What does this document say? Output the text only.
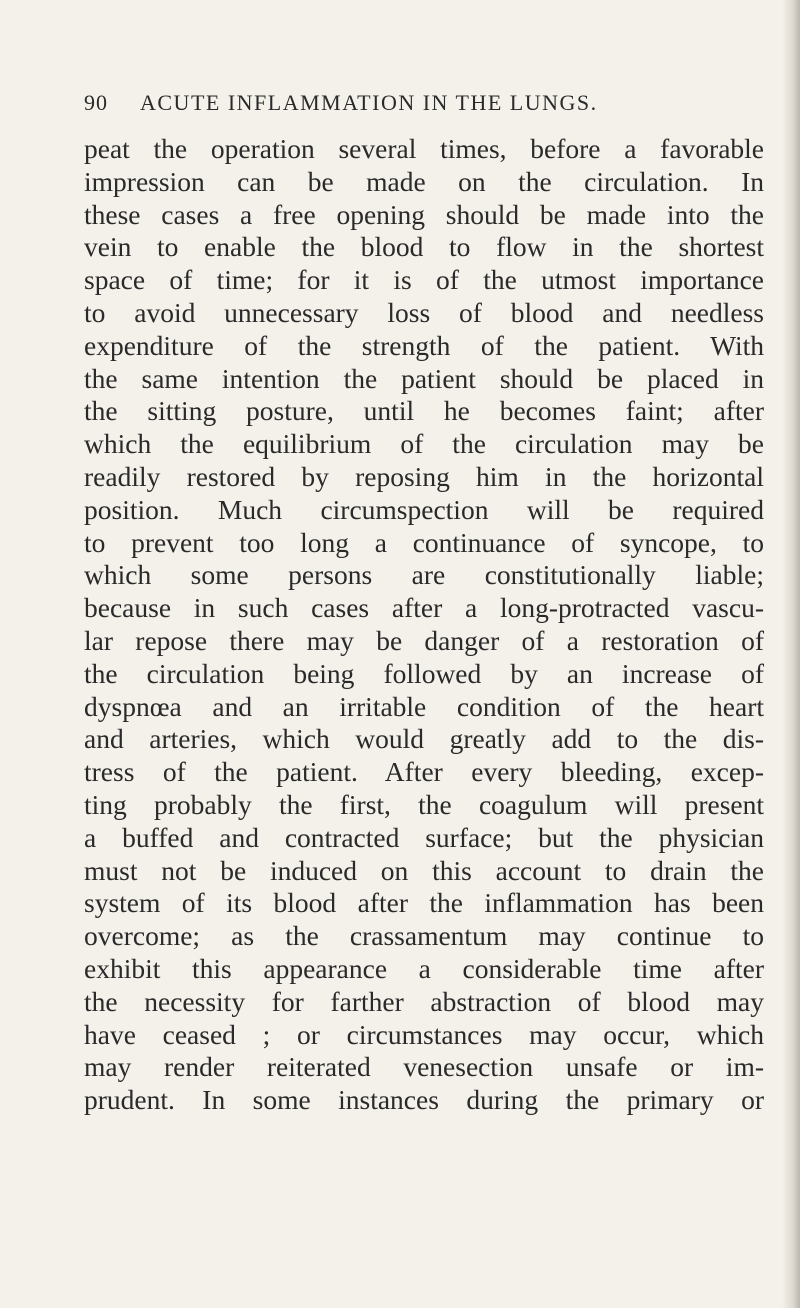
90 ACUTE INFLAMMATION IN THE LUNGS.
peat the operation several times, before a favorable
impression can be made on the circulation. In
these cases a free opening should be made into the
vein to enable the blood to flow in the shortest
space of time; for it is of the utmost importance
to avoid unnecessary loss of blood and needless
expenditure of the strength of the patient. With
the same intention the patient should be placed in
the sitting posture, until he becomes faint; after
which the equilibrium of the circulation may be
readily restored by reposing him in the horizontal
position. Much circumspection will be required
to prevent too long a continuance of syncope, to
which some persons are constitutionally liable;
because in such cases after a long-protracted vascu-
lar repose there may be danger of a restoration of
the circulation being followed by an increase of
dyspnœa and an irritable condition of the heart
and arteries, which would greatly add to the dis-
tress of the patient. After every bleeding, excep-
ting probably the first, the coagulum will present
a buffed and contracted surface; but the physician
must not be induced on this account to drain the
system of its blood after the inflammation has been
overcome; as the crassamentum may continue to
exhibit this appearance a considerable time after
the necessity for farther abstraction of blood may
have ceased ; or circumstances may occur, which
may render reiterated venesection unsafe or im-
prudent. In some instances during the primary or
